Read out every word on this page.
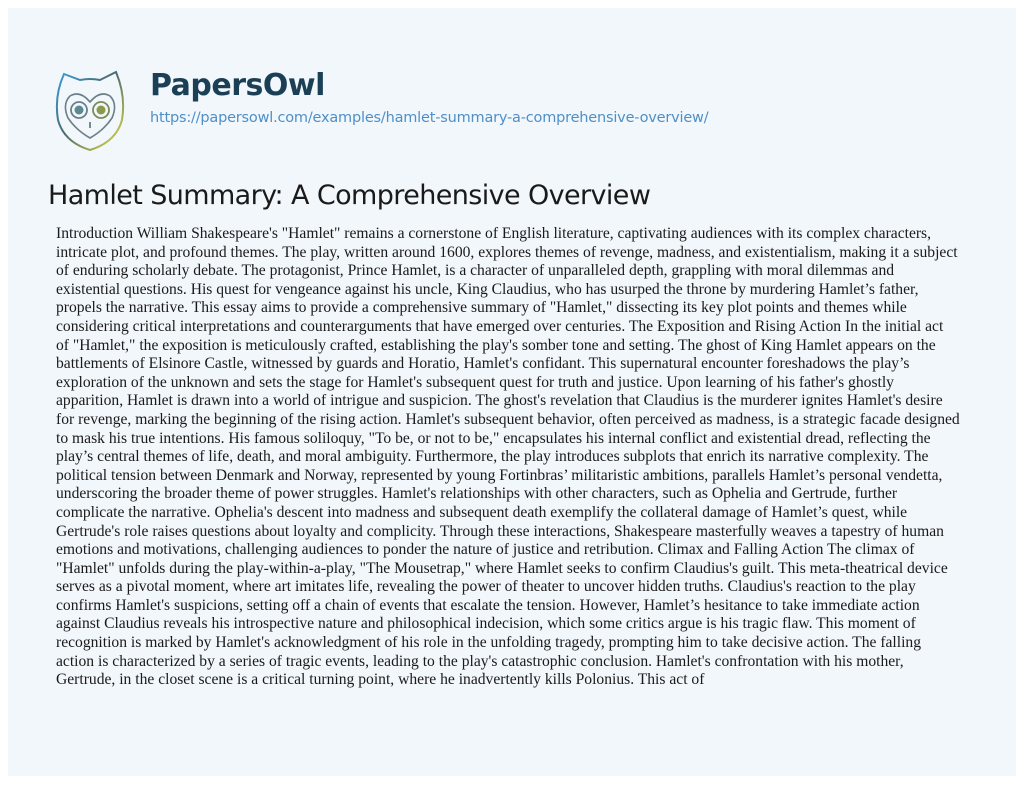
PapersOwl
https://papersowl.com/examples/hamlet-summary-a-comprehensive-overview/
Hamlet Summary: A Comprehensive Overview
Introduction William Shakespeare's "Hamlet" remains a cornerstone of English literature, captivating audiences with its complex characters,
intricate plot, and profound themes. The play, written around 1600, explores themes of revenge, madness, and existentialism, making it a subject
of enduring scholarly debate. The protagonist, Prince Hamlet, is a character of unparalleled depth, grappling with moral dilemmas and
existential questions. His quest for vengeance against his uncle, King Claudius, who has usurped the throne by murdering Hamlet’s father,
propels the narrative. This essay aims to provide a comprehensive summary of "Hamlet," dissecting its key plot points and themes while
considering critical interpretations and counterarguments that have emerged over centuries. The Exposition and Rising Action In the initial act
of "Hamlet," the exposition is meticulously crafted, establishing the play's somber tone and setting. The ghost of King Hamlet appears on the
battlements of Elsinore Castle, witnessed by guards and Horatio, Hamlet's confidant. This supernatural encounter foreshadows the play’s
exploration of the unknown and sets the stage for Hamlet's subsequent quest for truth and justice. Upon learning of his father's ghostly
apparition, Hamlet is drawn into a world of intrigue and suspicion. The ghost's revelation that Claudius is the murderer ignites Hamlet's desire
for revenge, marking the beginning of the rising action. Hamlet's subsequent behavior, often perceived as madness, is a strategic facade designed
to mask his true intentions. His famous soliloquy, "To be, or not to be," encapsulates his internal conflict and existential dread, reflecting the
play’s central themes of life, death, and moral ambiguity. Furthermore, the play introduces subplots that enrich its narrative complexity. The
political tension between Denmark and Norway, represented by young Fortinbras’ militaristic ambitions, parallels Hamlet’s personal vendetta,
underscoring the broader theme of power struggles. Hamlet's relationships with other characters, such as Ophelia and Gertrude, further
complicate the narrative. Ophelia's descent into madness and subsequent death exemplify the collateral damage of Hamlet’s quest, while
Gertrude's role raises questions about loyalty and complicity. Through these interactions, Shakespeare masterfully weaves a tapestry of human
emotions and motivations, challenging audiences to ponder the nature of justice and retribution. Climax and Falling Action The climax of
"Hamlet" unfolds during the play-within-a-play, "The Mousetrap," where Hamlet seeks to confirm Claudius's guilt. This meta-theatrical device
serves as a pivotal moment, where art imitates life, revealing the power of theater to uncover hidden truths. Claudius's reaction to the play
confirms Hamlet's suspicions, setting off a chain of events that escalate the tension. However, Hamlet’s hesitance to take immediate action
against Claudius reveals his introspective nature and philosophical indecision, which some critics argue is his tragic flaw. This moment of
recognition is marked by Hamlet's acknowledgment of his role in the unfolding tragedy, prompting him to take decisive action. The falling
action is characterized by a series of tragic events, leading to the play's catastrophic conclusion. Hamlet's confrontation with his mother,
Gertrude, in the closet scene is a critical turning point, where he inadvertently kills Polonius. This act of
